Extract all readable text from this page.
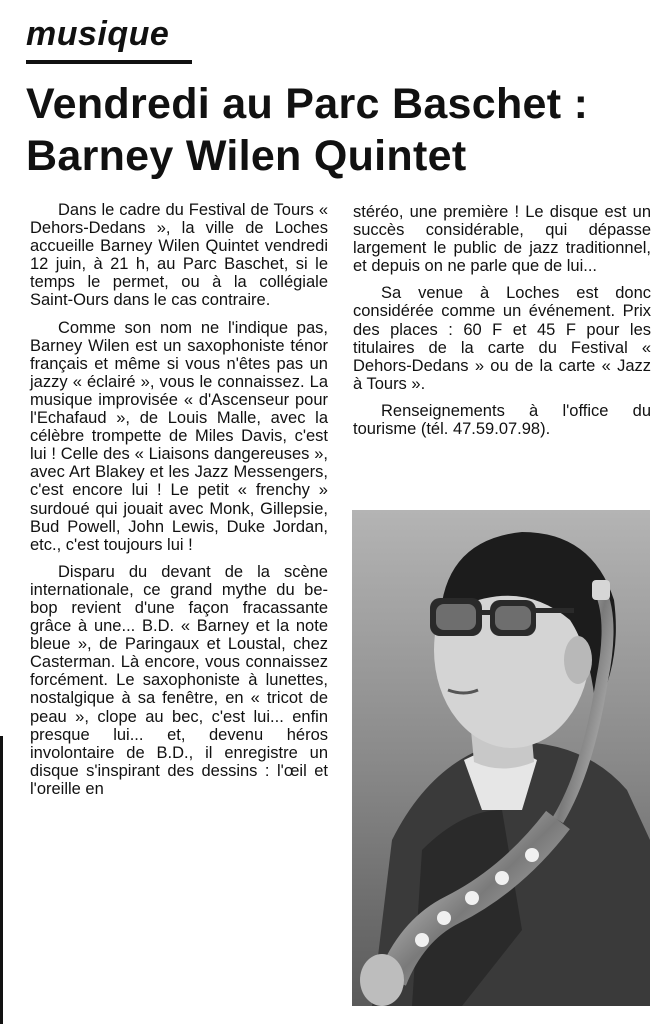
musique
Vendredi au Parc Baschet :
Barney Wilen Quintet

Dans le cadre du Festival de Tours « Dehors-Dedans », la ville de Loches accueille Barney Wilen Quintet vendredi 12 juin, à 21 h, au Parc Baschet, si le temps le permet, ou à la collégiale Saint-Ours dans le cas contraire.

Comme son nom ne l'indique pas, Barney Wilen est un saxophoniste ténor français et même si vous n'êtes pas un jazzy « éclairé », vous le connaissez. La musique improvisée « d'Ascenseur pour l'Echafaud », de Louis Malle, avec la célèbre trompette de Miles Davis, c'est lui ! Celle des « Liaisons dangereuses », avec Art Blakey et les Jazz Messengers, c'est encore lui ! Le petit « frenchy » surdoué qui jouait avec Monk, Gillepsie, Bud Powell, John Lewis, Duke Jordan, etc., c'est toujours lui !

Disparu du devant de la scène internationale, ce grand mythe du be-bop revient d'une façon fracassante grâce à une... B.D. « Barney et la note bleue », de Paringaux et Loustal, chez Casterman. Là encore, vous connaissez forcément. Le saxophoniste à lunettes, nostalgique à sa fenêtre, en « tricot de peau », clope au bec, c'est lui... enfin presque lui... et, devenu héros involontaire de B.D., il enregistre un disque s'inspirant des dessins : l'œil et l'oreille en

stéréo, une première ! Le disque est un succès considérable, qui dépasse largement le public de jazz traditionnel, et depuis on ne parle que de lui...

Sa venue à Loches est donc considérée comme un événement. Prix des places : 60 F et 45 F pour les titulaires de la carte du Festival « Dehors-Dedans » ou de la carte « Jazz à Tours ».

Renseignements à l'office du tourisme (tél. 47.59.07.98).
